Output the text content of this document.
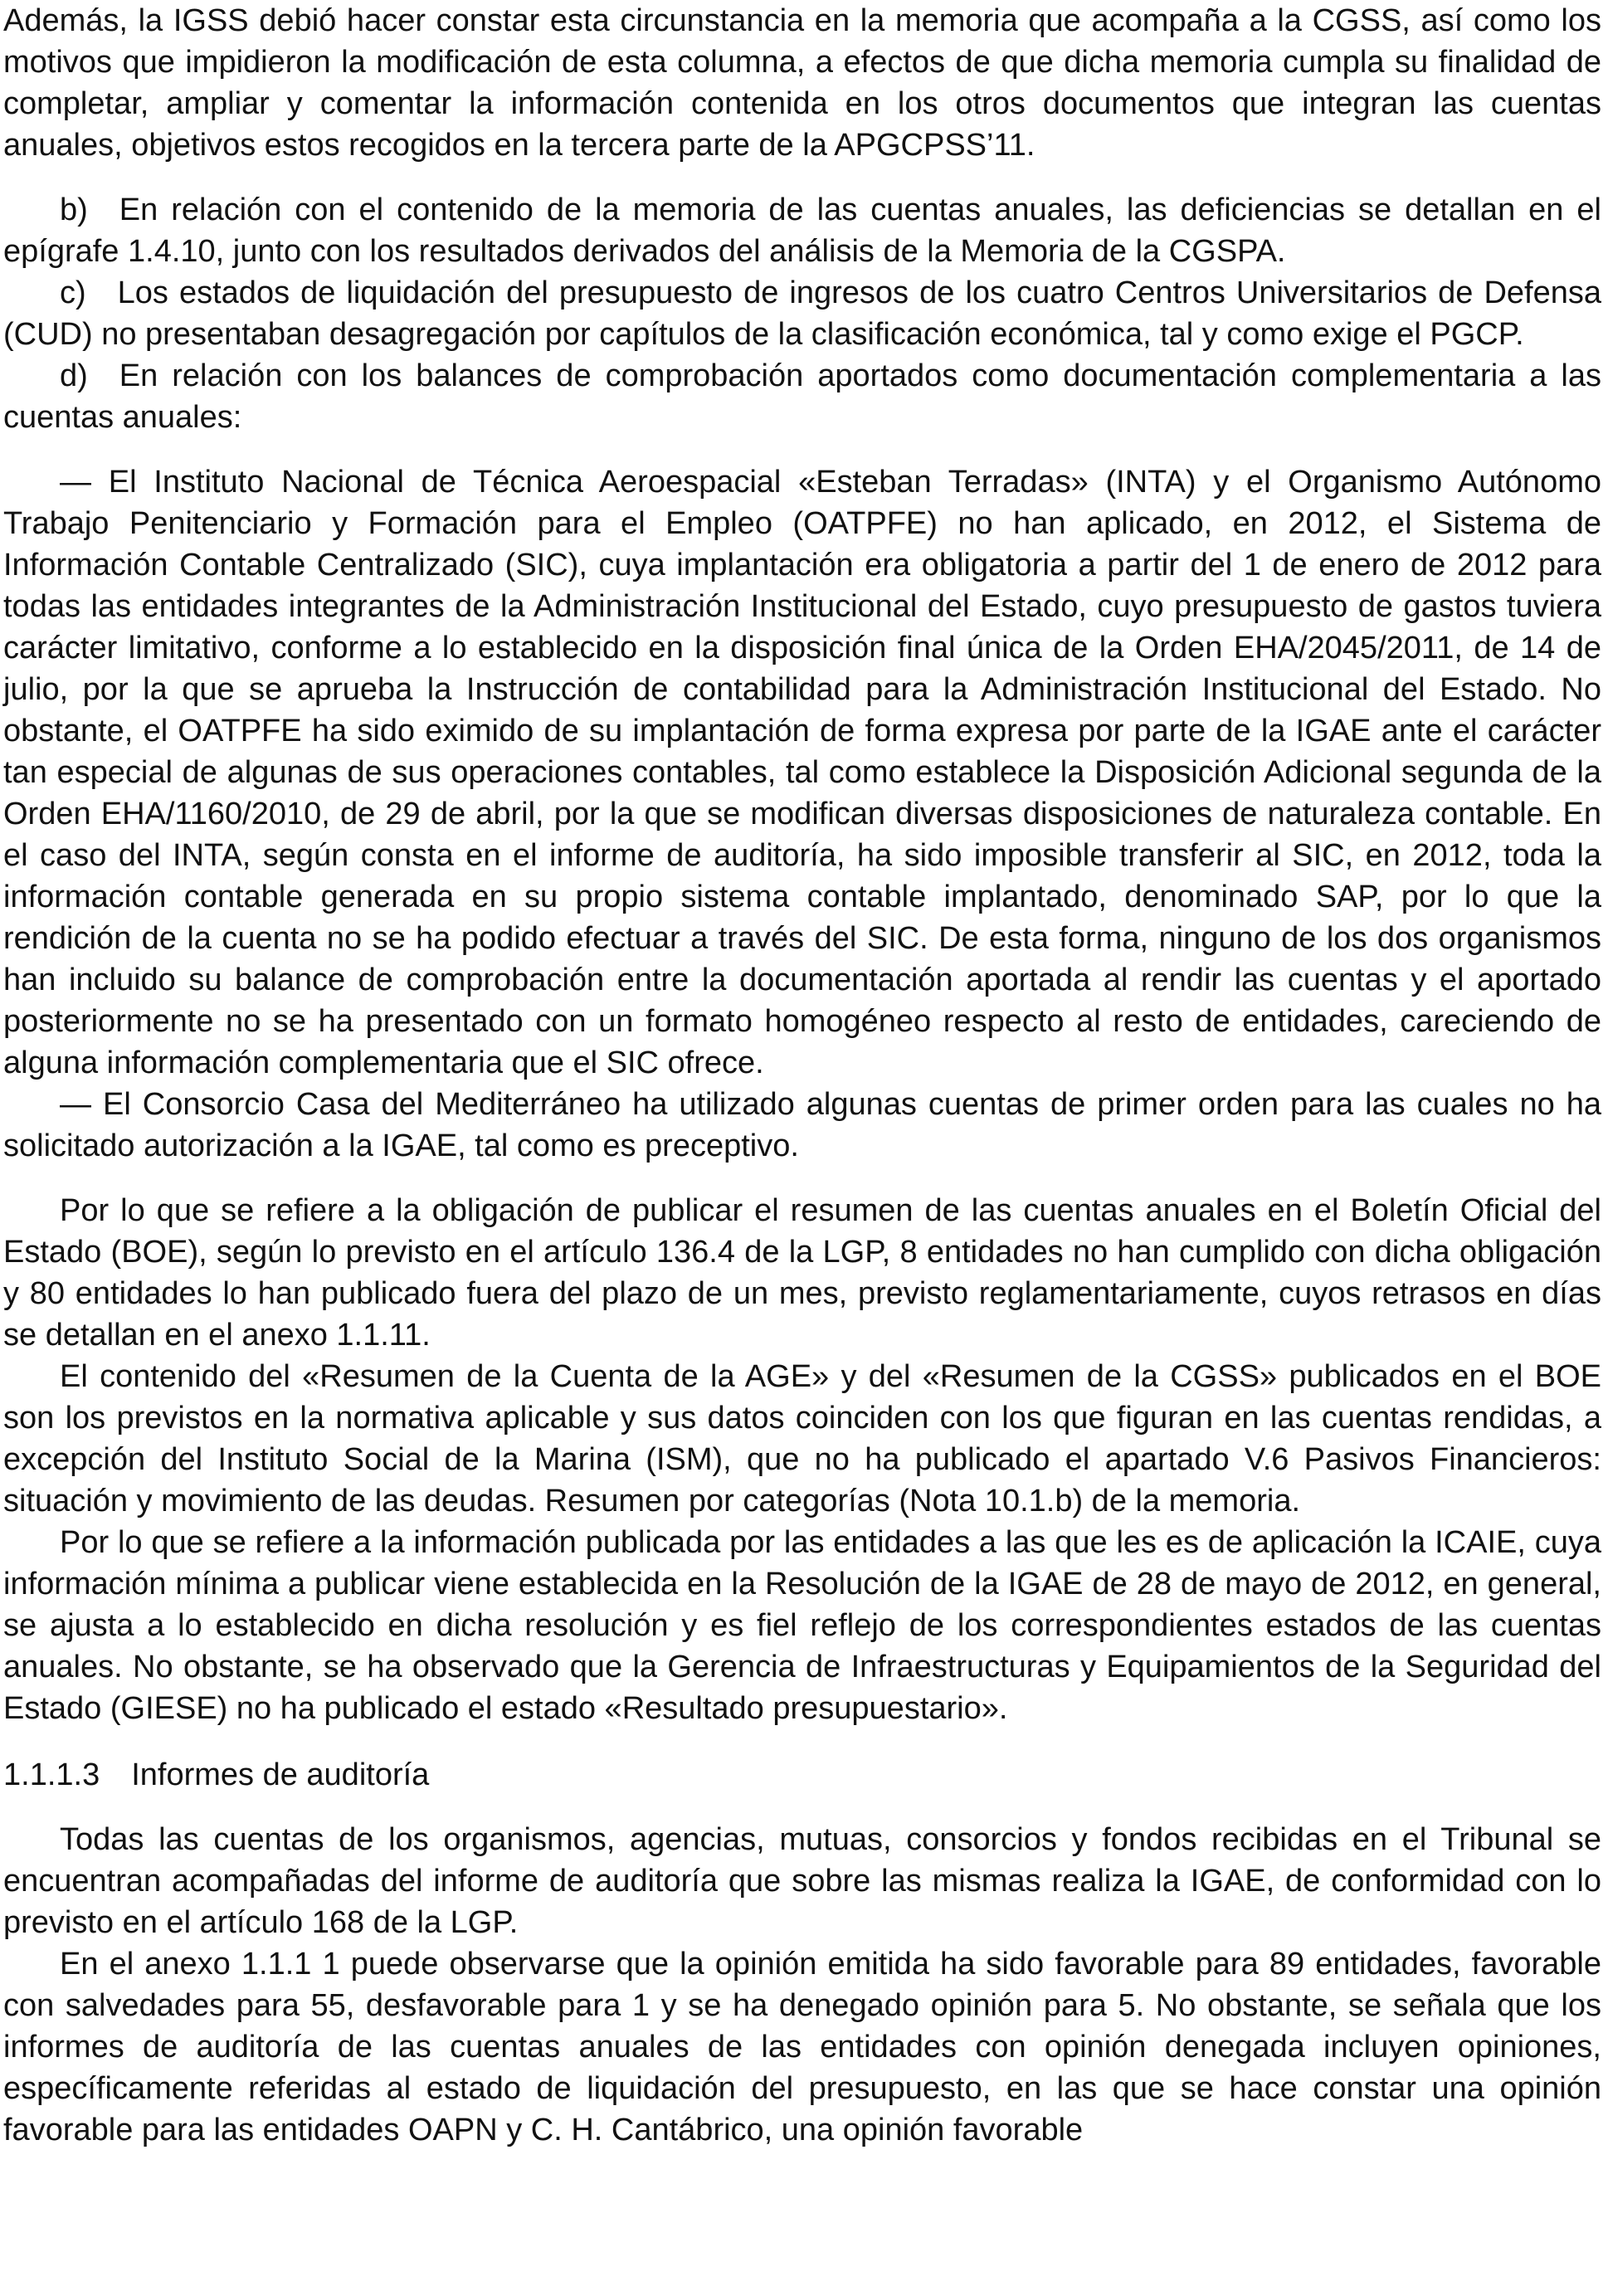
Además, la IGSS debió hacer constar esta circunstancia en la memoria que acompaña a la CGSS, así como los motivos que impidieron la modificación de esta columna, a efectos de que dicha memoria cumpla su finalidad de completar, ampliar y comentar la información contenida en los otros documentos que integran las cuentas anuales, objetivos estos recogidos en la tercera parte de la APGCPSS’11.

b) En relación con el contenido de la memoria de las cuentas anuales, las deficiencias se detallan en el epígrafe 1.4.10, junto con los resultados derivados del análisis de la Memoria de la CGSPA.

c) Los estados de liquidación del presupuesto de ingresos de los cuatro Centros Universitarios de Defensa (CUD) no presentaban desagregación por capítulos de la clasificación económica, tal y como exige el PGCP.

d) En relación con los balances de comprobación aportados como documentación complementaria a las cuentas anuales:

— El Instituto Nacional de Técnica Aeroespacial «Esteban Terradas» (INTA) y el Organismo Autónomo Trabajo Penitenciario y Formación para el Empleo (OATPFE) no han aplicado, en 2012, el Sistema de Información Contable Centralizado (SIC), cuya implantación era obligatoria a partir del 1 de enero de 2012 para todas las entidades integrantes de la Administración Institucional del Estado, cuyo presupuesto de gastos tuviera carácter limitativo, conforme a lo establecido en la disposición final única de la Orden EHA/2045/2011, de 14 de julio, por la que se aprueba la Instrucción de contabilidad para la Administración Institucional del Estado. No obstante, el OATPFE ha sido eximido de su implantación de forma expresa por parte de la IGAE ante el carácter tan especial de algunas de sus operaciones contables, tal como establece la Disposición Adicional segunda de la Orden EHA/1160/2010, de 29 de abril, por la que se modifican diversas disposiciones de naturaleza contable. En el caso del INTA, según consta en el informe de auditoría, ha sido imposible transferir al SIC, en 2012, toda la información contable generada en su propio sistema contable implantado, denominado SAP, por lo que la rendición de la cuenta no se ha podido efectuar a través del SIC. De esta forma, ninguno de los dos organismos han incluido su balance de comprobación entre la documentación aportada al rendir las cuentas y el aportado posteriormente no se ha presentado con un formato homogéneo respecto al resto de entidades, careciendo de alguna información complementaria que el SIC ofrece.

— El Consorcio Casa del Mediterráneo ha utilizado algunas cuentas de primer orden para las cuales no ha solicitado autorización a la IGAE, tal como es preceptivo.

Por lo que se refiere a la obligación de publicar el resumen de las cuentas anuales en el Boletín Oficial del Estado (BOE), según lo previsto en el artículo 136.4 de la LGP, 8 entidades no han cumplido con dicha obligación y 80 entidades lo han publicado fuera del plazo de un mes, previsto reglamentariamente, cuyos retrasos en días se detallan en el anexo 1.1.11.

El contenido del «Resumen de la Cuenta de la AGE» y del «Resumen de la CGSS» publicados en el BOE son los previstos en la normativa aplicable y sus datos coinciden con los que figuran en las cuentas rendidas, a excepción del Instituto Social de la Marina (ISM), que no ha publicado el apartado V.6 Pasivos Financieros: situación y movimiento de las deudas. Resumen por categorías (Nota 10.1.b) de la memoria.

Por lo que se refiere a la información publicada por las entidades a las que les es de aplicación la ICAIE, cuya información mínima a publicar viene establecida en la Resolución de la IGAE de 28 de mayo de 2012, en general, se ajusta a lo establecido en dicha resolución y es fiel reflejo de los correspondientes estados de las cuentas anuales. No obstante, se ha observado que la Gerencia de Infraestructuras y Equipamientos de la Seguridad del Estado (GIESE) no ha publicado el estado «Resultado presupuestario».

1.1.1.3 Informes de auditoría

Todas las cuentas de los organismos, agencias, mutuas, consorcios y fondos recibidas en el Tribunal se encuentran acompañadas del informe de auditoría que sobre las mismas realiza la IGAE, de conformidad con lo previsto en el artículo 168 de la LGP.

En el anexo 1.1.1 1 puede observarse que la opinión emitida ha sido favorable para 89 entidades, favorable con salvedades para 55, desfavorable para 1 y se ha denegado opinión para 5. No obstante, se señala que los informes de auditoría de las cuentas anuales de las entidades con opinión denegada incluyen opiniones, específicamente referidas al estado de liquidación del presupuesto, en las que se hace constar una opinión favorable para las entidades OAPN y C. H. Cantábrico, una opinión favorable
